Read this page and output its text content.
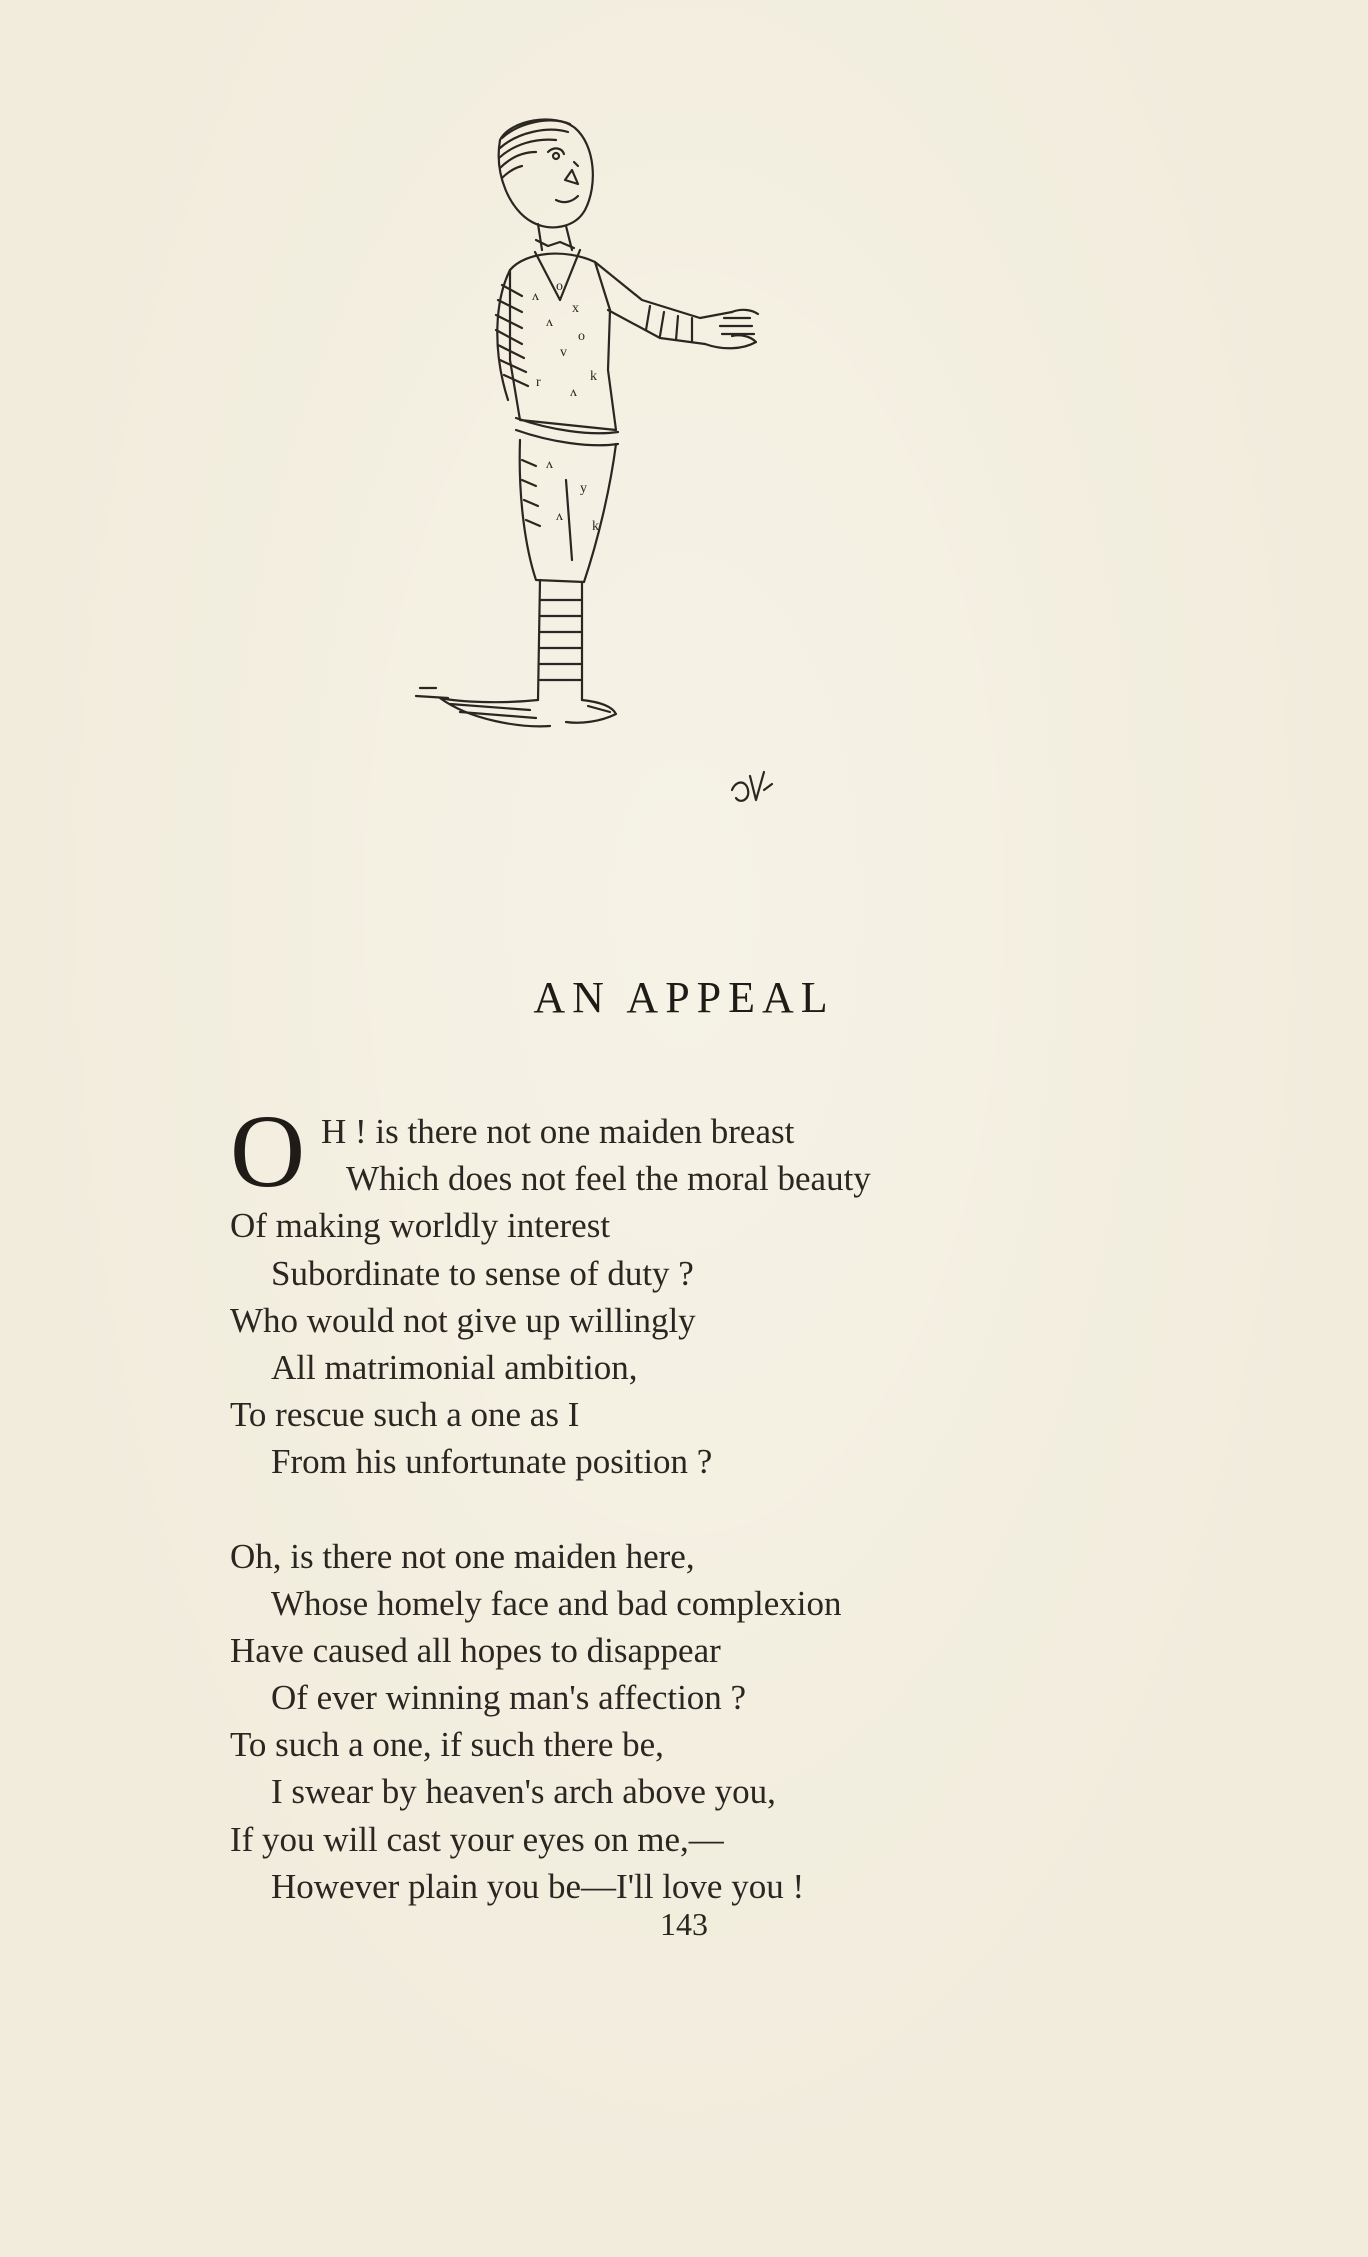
ʌ
o
x
ʌ
o
v
r
ʌ
k
ʌ
y
ʌ
k
AN APPEAL
O H ! is there not one maiden breast
Which does not feel the moral beauty
Of making worldly interest
Subordinate to sense of duty ?
Who would not give up willingly
All matrimonial ambition,
To rescue such a one as I
From his unfortunate position ?
Oh, is there not one maiden here,
Whose homely face and bad complexion
Have caused all hopes to disappear
Of ever winning man's affection ?
To such a one, if such there be,
I swear by heaven's arch above you,
If you will cast your eyes on me,—
However plain you be—I'll love you !
143
